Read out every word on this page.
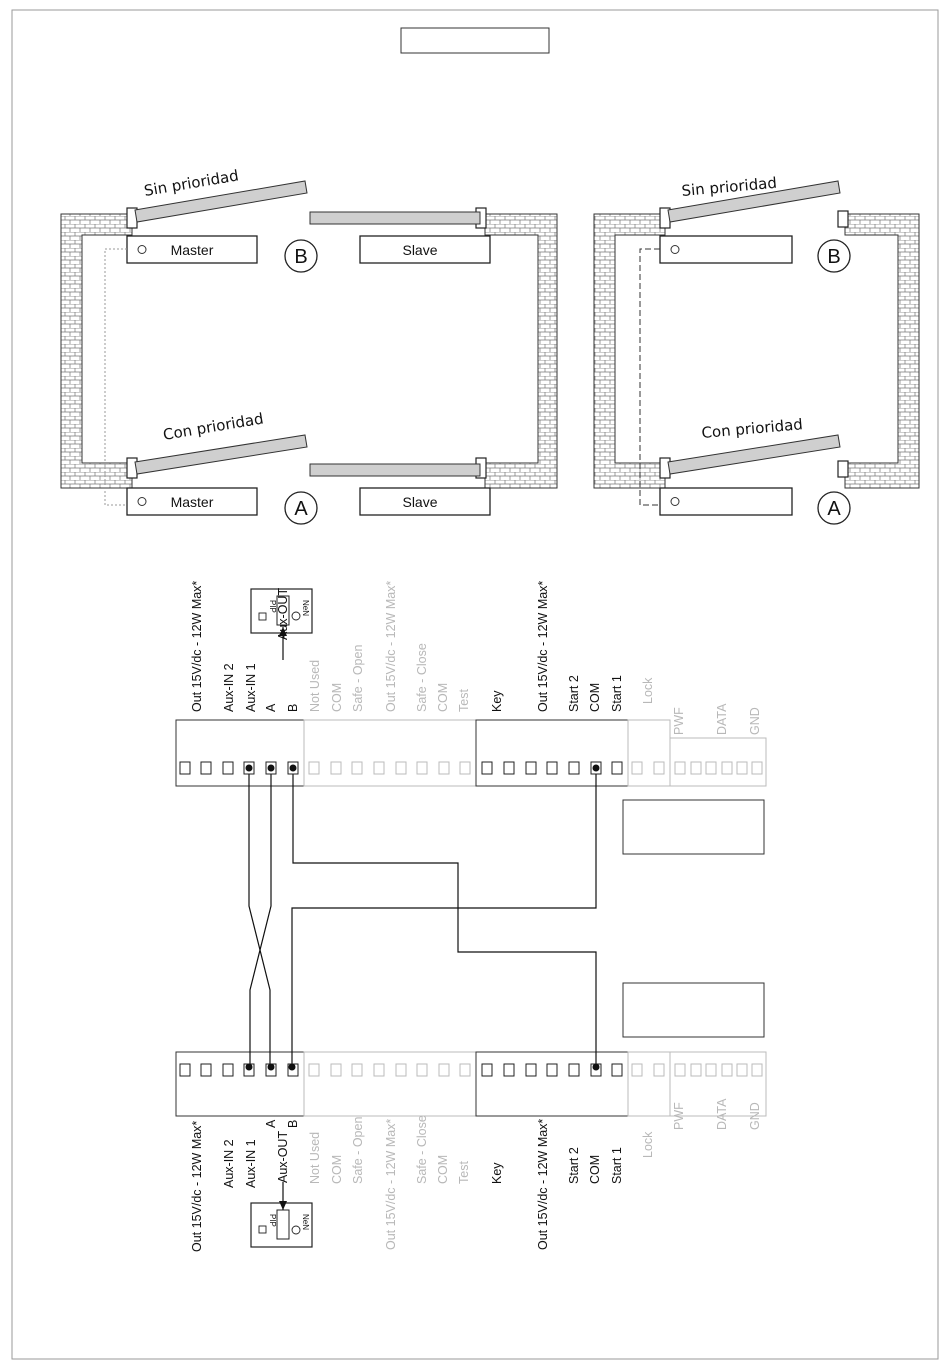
Sin prioridad
Con prioridad
Master	Slave
Master	Slave
B
A
Sin prioridad
Con prioridad
B
A
PIP	NeN
PIP	NeN
Out 15V/dc - 12W Max* Aux-IN 2 Aux-IN 1 A B
Aux-OUT
Not Used COM Safe - Open Out 15V/dc - 12W Max* Safe - Close COM Test Key	Out 15V/dc - 12W Max* Start 2 COM Start 1 Lock
PWF DATA GND
Out 15V/dc - 12W Max* Aux-IN 2 Aux-IN 1
A B
Aux-OUT Not Used COM Safe - Open Out 15V/dc - 12W Max* Safe - Close COM Test Key	Out 15V/dc - 12W Max* Start 2 COM Start 1
Lock
PWF DATA GND
